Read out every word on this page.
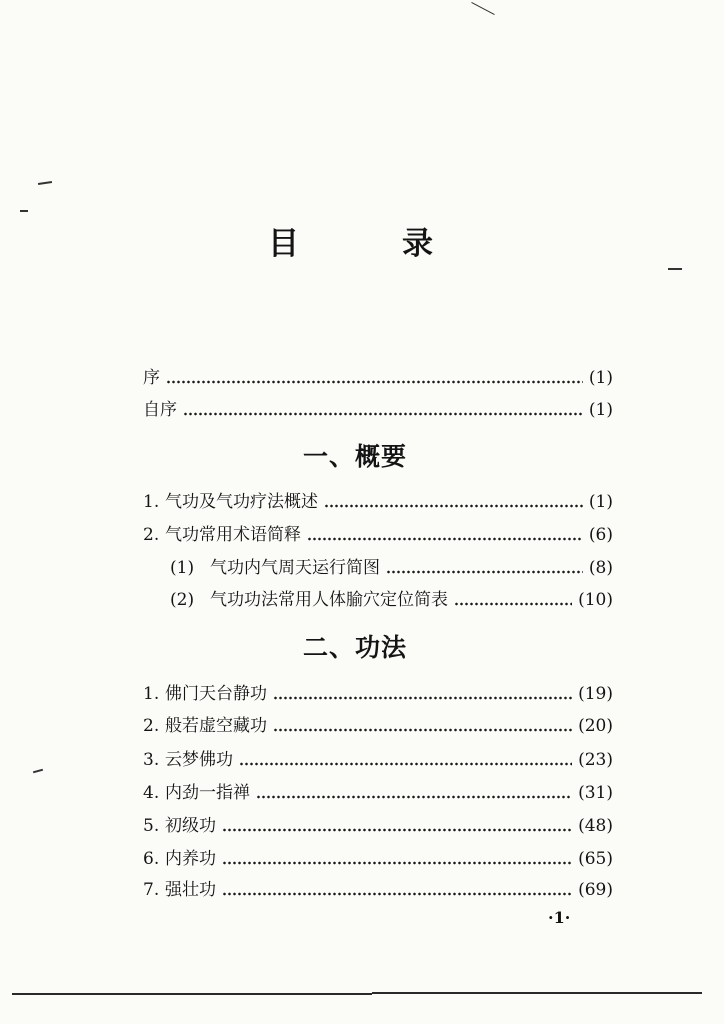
目	录
序	(1)
自序	(1)
一、概要
1. 气功及气功疗法概述	(1)
2. 气功常用术语简释	(6)
(1) 气功内气周天运行简图	(8)
(2) 气功功法常用人体腧穴定位简表	(10)
二、功法
1. 佛门天台静功	(19)
2. 般若虚空藏功	(20)
3. 云梦佛功	(23)
4. 内劲一指禅	(31)
5. 初级功	(48)
6. 内养功	(65)
7. 强壮功	(69)
·1·
